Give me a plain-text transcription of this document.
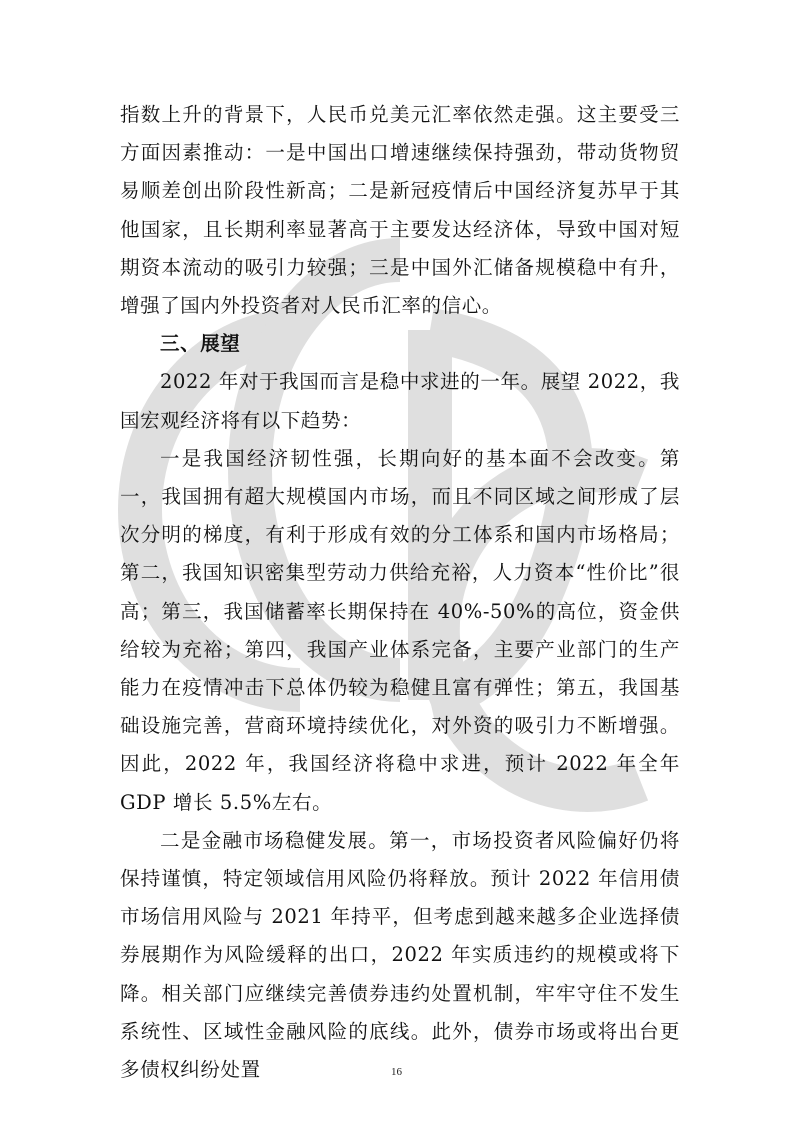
指数上升的背景下，人民币兑美元汇率依然走强。这主要受三方面因素推动：一是中国出口增速继续保持强劲，带动货物贸易顺差创出阶段性新高；二是新冠疫情后中国经济复苏早于其他国家，且长期利率显著高于主要发达经济体，导致中国对短期资本流动的吸引力较强；三是中国外汇储备规模稳中有升，增强了国内外投资者对人民币汇率的信心。

三、展望

2022 年对于我国而言是稳中求进的一年。展望 2022，我国宏观经济将有以下趋势：

一是我国经济韧性强，长期向好的基本面不会改变。第一，我国拥有超大规模国内市场，而且不同区域之间形成了层次分明的梯度，有利于形成有效的分工体系和国内市场格局；第二，我国知识密集型劳动力供给充裕，人力资本“性价比”很高；第三，我国储蓄率长期保持在 40%-50%的高位，资金供给较为充裕；第四，我国产业体系完备，主要产业部门的生产能力在疫情冲击下总体仍较为稳健且富有弹性；第五，我国基础设施完善，营商环境持续优化，对外资的吸引力不断增强。因此，2022 年，我国经济将稳中求进，预计 2022 年全年 GDP 增长 5.5%左右。

二是金融市场稳健发展。第一，市场投资者风险偏好仍将保持谨慎，特定领域信用风险仍将释放。预计 2022 年信用债市场信用风险与 2021 年持平，但考虑到越来越多企业选择债券展期作为风险缓释的出口，2022 年实质违约的规模或将下降。相关部门应继续完善债券违约处置机制，牢牢守住不发生系统性、区域性金融风险的底线。此外，债券市场或将出台更多债权纠纷处置	16
